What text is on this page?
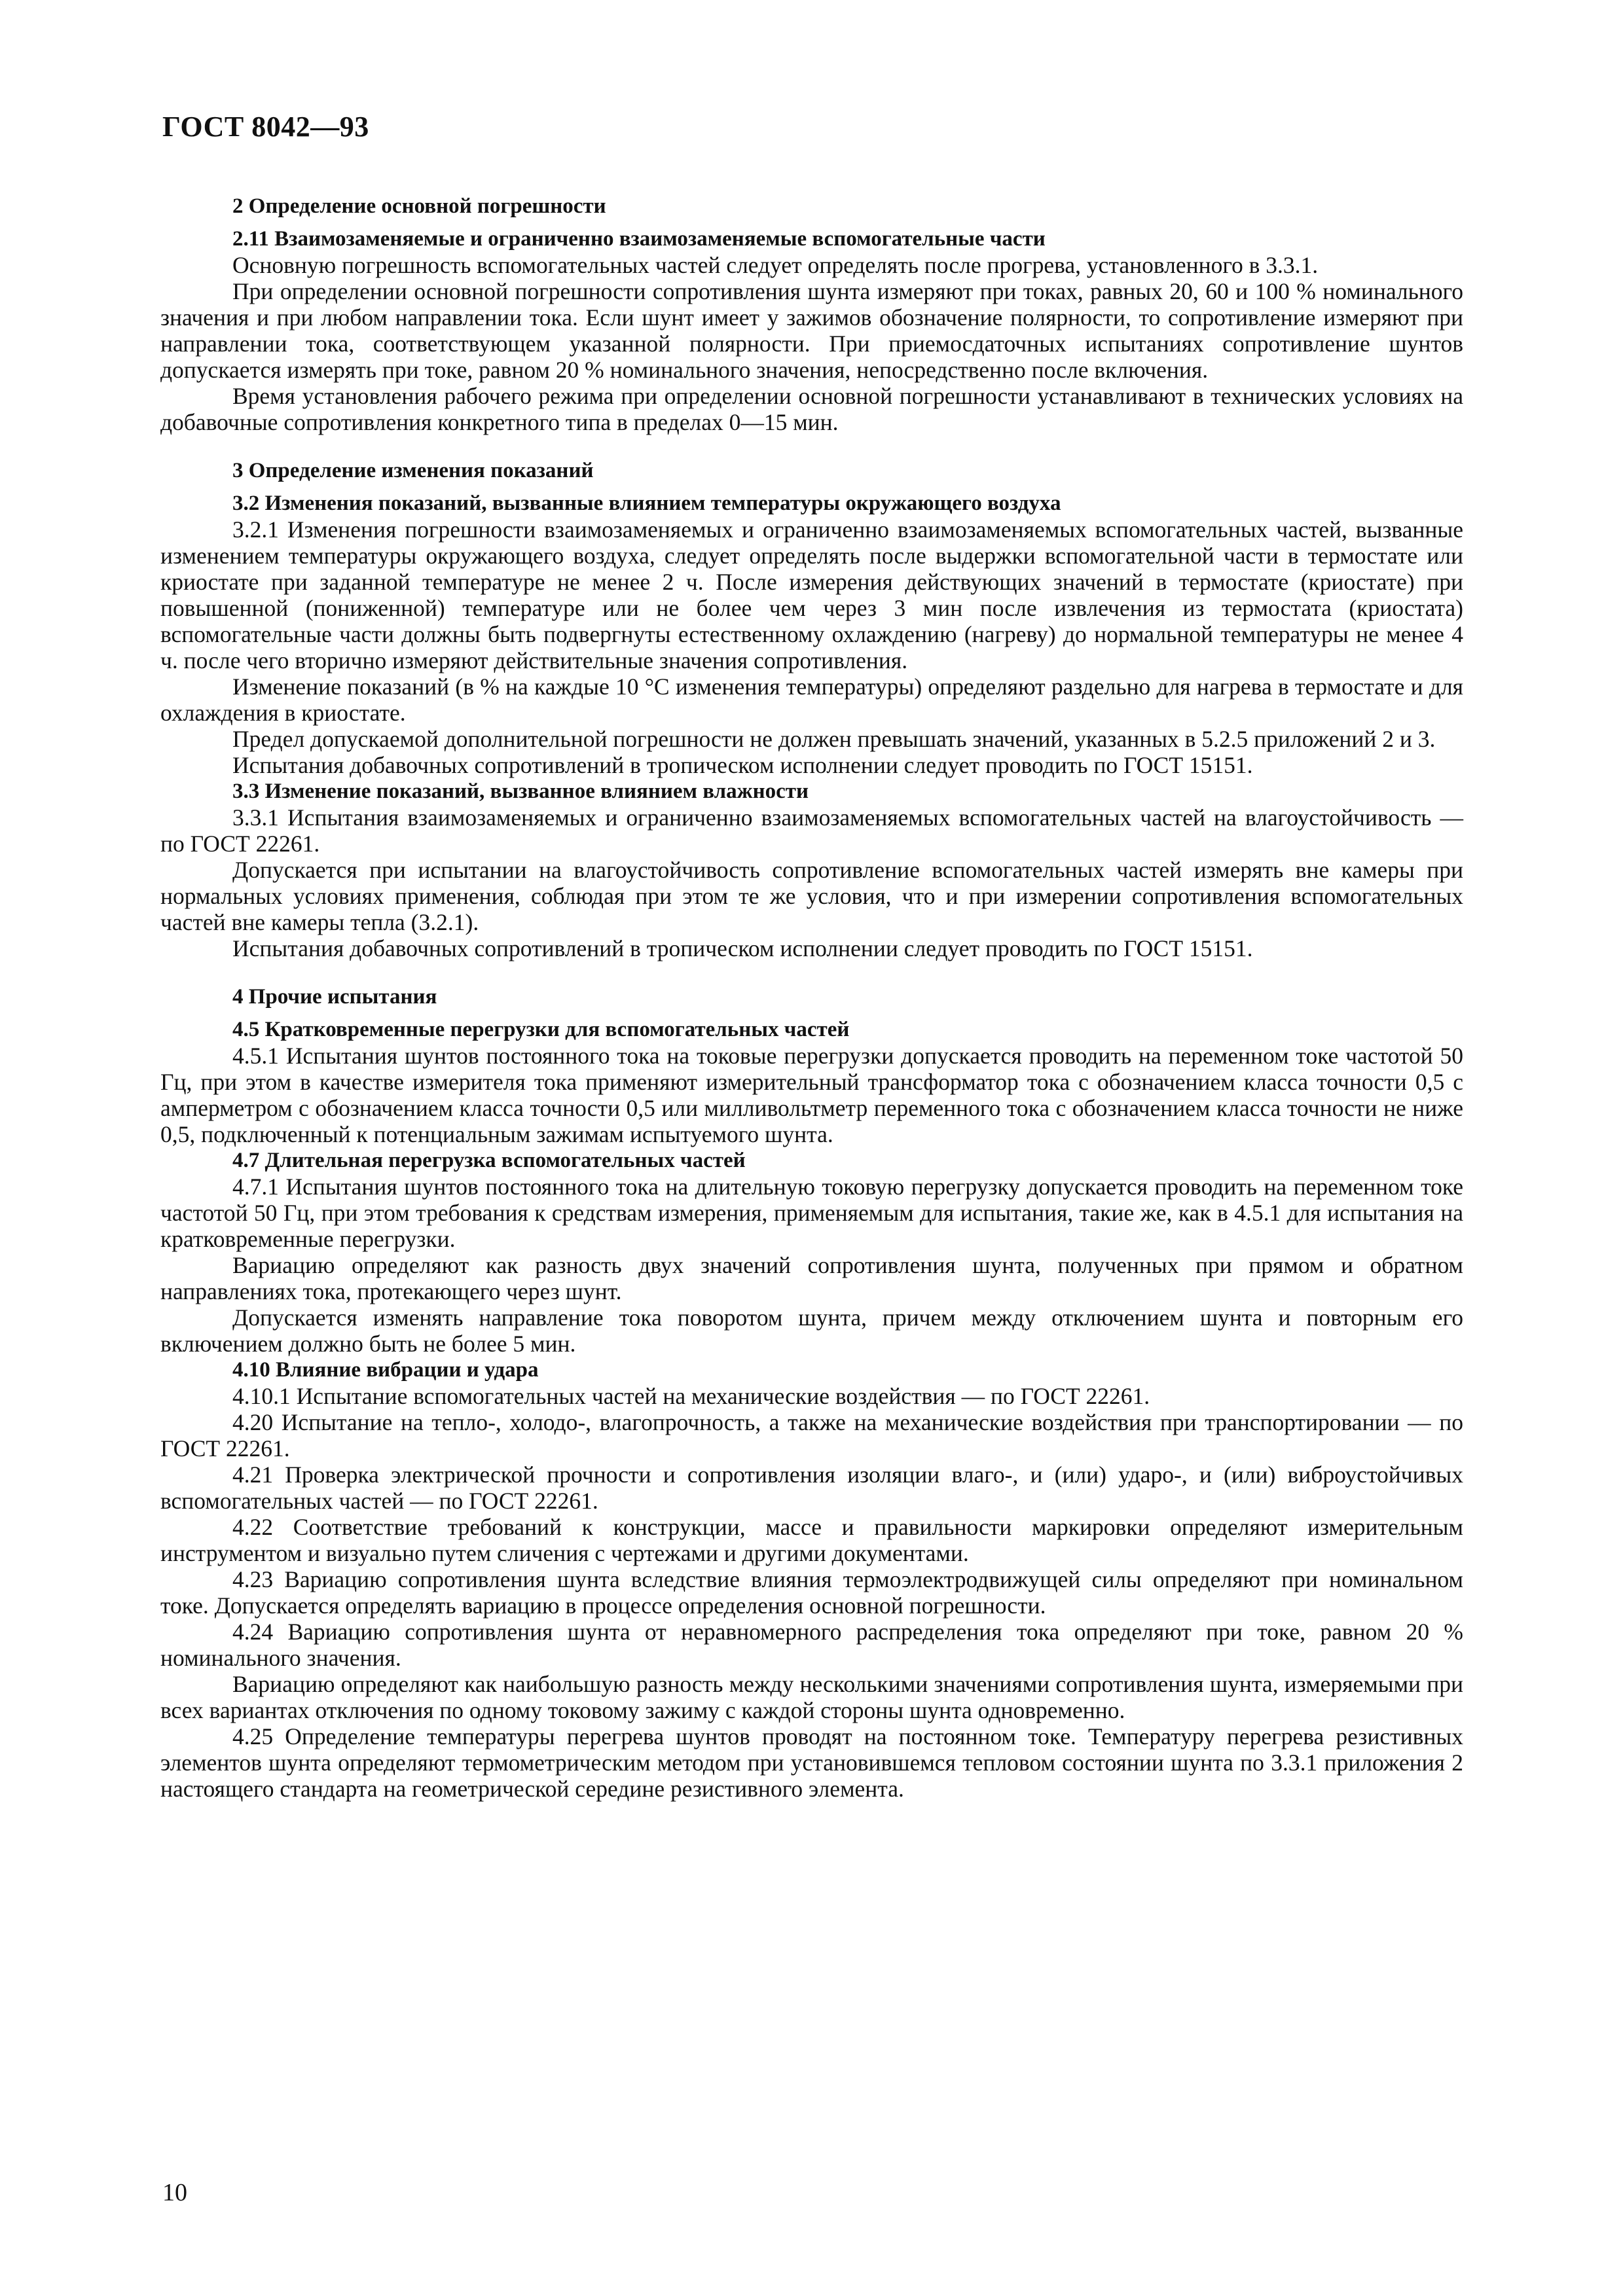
ГОСТ 8042—93
2 Определение основной погрешности
2.11 Взаимозаменяемые и ограниченно взаимозаменяемые вспомогательные части

Основную погрешность вспомогательных частей следует определять после прогрева, установленного в 3.3.1.

При определении основной погрешности сопротивления шунта измеряют при токах, равных 20, 60 и 100 % номинального значения и при любом направлении тока. Если шунт имеет у зажимов обозначение полярности, то сопротивление измеряют при направлении тока, соответствующем указанной полярности. При приемосдаточных испытаниях сопротивление шунтов допускается измерять при токе, равном 20 % номинального значения, непосредственно после включения.

Время установления рабочего режима при определении основной погрешности устанавливают в технических условиях на добавочные сопротивления конкретного типа в пределах 0—15 мин.

3 Определение изменения показаний
3.2 Изменения показаний, вызванные влиянием температуры окружающего воздуха

3.2.1 Изменения погрешности взаимозаменяемых и ограниченно взаимозаменяемых вспомогательных частей, вызванные изменением температуры окружающего воздуха, следует определять после выдержки вспомогательной части в термостате или криостате при заданной температуре не менее 2 ч. После измерения действующих значений в термостате (криостате) при повышенной (пониженной) температуре или не более чем через 3 мин после извлечения из термостата (криостата) вспомогательные части должны быть подвергнуты естественному охлаждению (нагреву) до нормальной температуры не менее 4 ч. после чего вторично измеряют действительные значения сопротивления.

Изменение показаний (в % на каждые 10 °С изменения температуры) определяют раздельно для нагрева в термостате и для охлаждения в криостате.

Предел допускаемой дополнительной погрешности не должен превышать значений, указанных в 5.2.5 приложений 2 и 3.

Испытания добавочных сопротивлений в тропическом исполнении следует проводить по ГОСТ 15151.

3.3 Изменение показаний, вызванное влиянием влажности

3.3.1 Испытания взаимозаменяемых и ограниченно взаимозаменяемых вспомогательных частей на влагоустойчивость — по ГОСТ 22261.

Допускается при испытании на влагоустойчивость сопротивление вспомогательных частей измерять вне камеры при нормальных условиях применения, соблюдая при этом те же условия, что и при измерении сопротивления вспомогательных частей вне камеры тепла (3.2.1).

Испытания добавочных сопротивлений в тропическом исполнении следует проводить по ГОСТ 15151.

4 Прочие испытания
4.5 Кратковременные перегрузки для вспомогательных частей

4.5.1 Испытания шунтов постоянного тока на токовые перегрузки допускается проводить на переменном токе частотой 50 Гц, при этом в качестве измерителя тока применяют измерительный трансформатор тока с обозначением класса точности 0,5 с амперметром с обозначением класса точности 0,5 или милливольтметр переменного тока с обозначением класса точности не ниже 0,5, подключенный к потенциальным зажимам испытуемого шунта.

4.7 Длительная перегрузка вспомогательных частей

4.7.1 Испытания шунтов постоянного тока на длительную токовую перегрузку допускается проводить на переменном токе частотой 50 Гц, при этом требования к средствам измерения, применяемым для испытания, такие же, как в 4.5.1 для испытания на кратковременные перегрузки.

Вариацию определяют как разность двух значений сопротивления шунта, полученных при прямом и обратном направлениях тока, протекающего через шунт.

Допускается изменять направление тока поворотом шунта, причем между отключением шунта и повторным его включением должно быть не более 5 мин.

4.10 Влияние вибрации и удара

4.10.1 Испытание вспомогательных частей на механические воздействия — по ГОСТ 22261.

4.20 Испытание на тепло-, холодо-, влагопрочность, а также на механические воздействия при транспортировании — по ГОСТ 22261.

4.21 Проверка электрической прочности и сопротивления изоляции влаго-, и (или) ударо-, и (или) виброустойчивых вспомогательных частей — по ГОСТ 22261.

4.22 Соответствие требований к конструкции, массе и правильности маркировки определяют измерительным инструментом и визуально путем сличения с чертежами и другими документами.

4.23 Вариацию сопротивления шунта вследствие влияния термоэлектродвижущей силы определяют при номинальном токе. Допускается определять вариацию в процессе определения основной погрешности.

4.24 Вариацию сопротивления шунта от неравномерного распределения тока определяют при токе, равном 20 % номинального значения.

Вариацию определяют как наибольшую разность между несколькими значениями сопротивления шунта, измеряемыми при всех вариантах отключения по одному токовому зажиму с каждой стороны шунта одновременно.

4.25 Определение температуры перегрева шунтов проводят на постоянном токе. Температуру перегрева резистивных элементов шунта определяют термометрическим методом при установившемся тепловом состоянии шунта по 3.3.1 приложения 2 настоящего стандарта на геометрической середине резистивного элемента.

10
